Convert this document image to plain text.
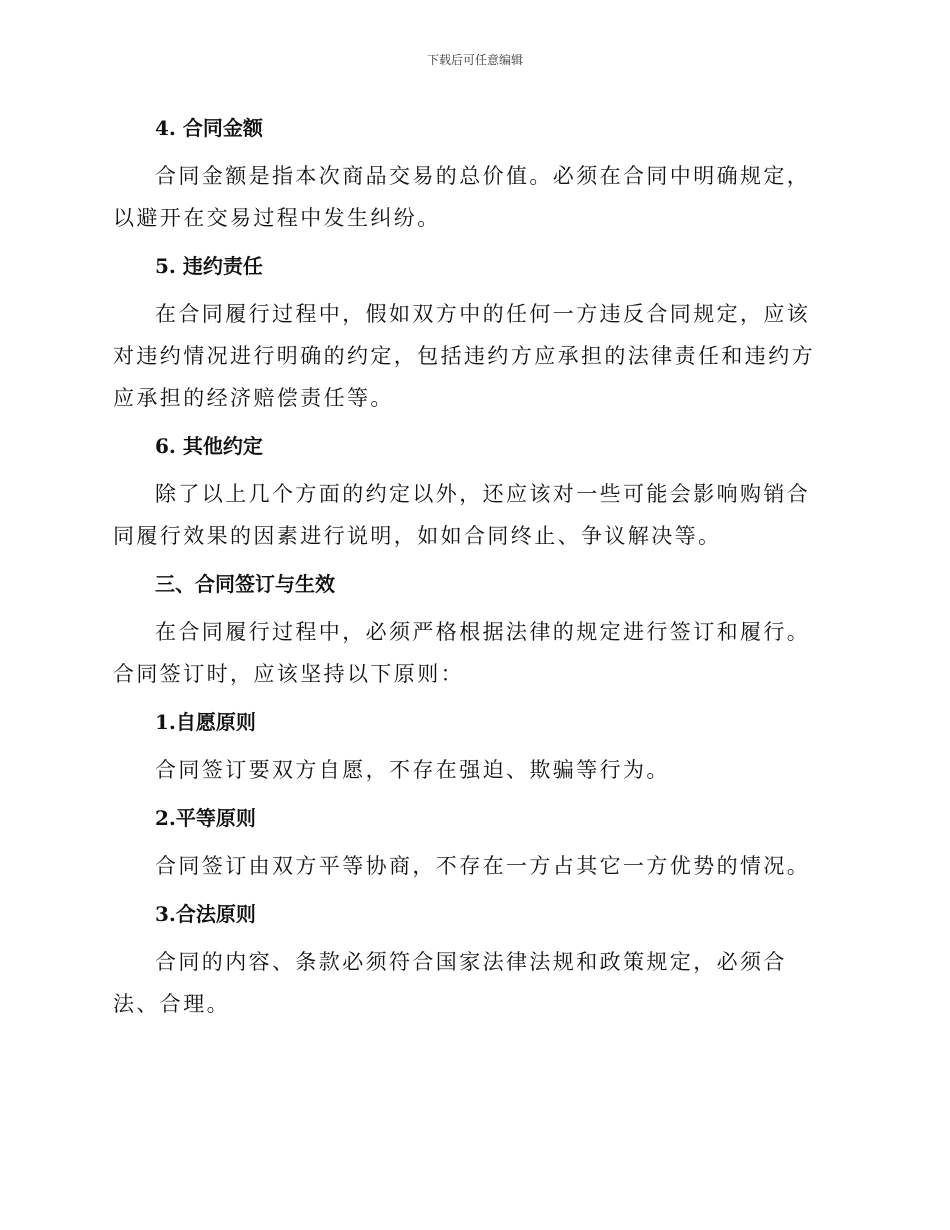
下载后可任意编辑
4. 合同金额

合同金额是指本次商品交易的总价值。必须在合同中明确规定，以避开在交易过程中发生纠纷。

5. 违约责任

在合同履行过程中，假如双方中的任何一方违反合同规定，应该对违约情况进行明确的约定，包括违约方应承担的法律责任和违约方应承担的经济赔偿责任等。

6. 其他约定

除了以上几个方面的约定以外，还应该对一些可能会影响购销合同履行效果的因素进行说明，如如合同终止、争议解决等。

三、合同签订与生效

在合同履行过程中，必须严格根据法律的规定进行签订和履行。合同签订时，应该坚持以下原则：

1.自愿原则

合同签订要双方自愿，不存在强迫、欺骗等行为。

2.平等原则

合同签订由双方平等协商，不存在一方占其它一方优势的情况。

3.合法原则

合同的内容、条款必须符合国家法律法规和政策规定，必须合法、合理。
